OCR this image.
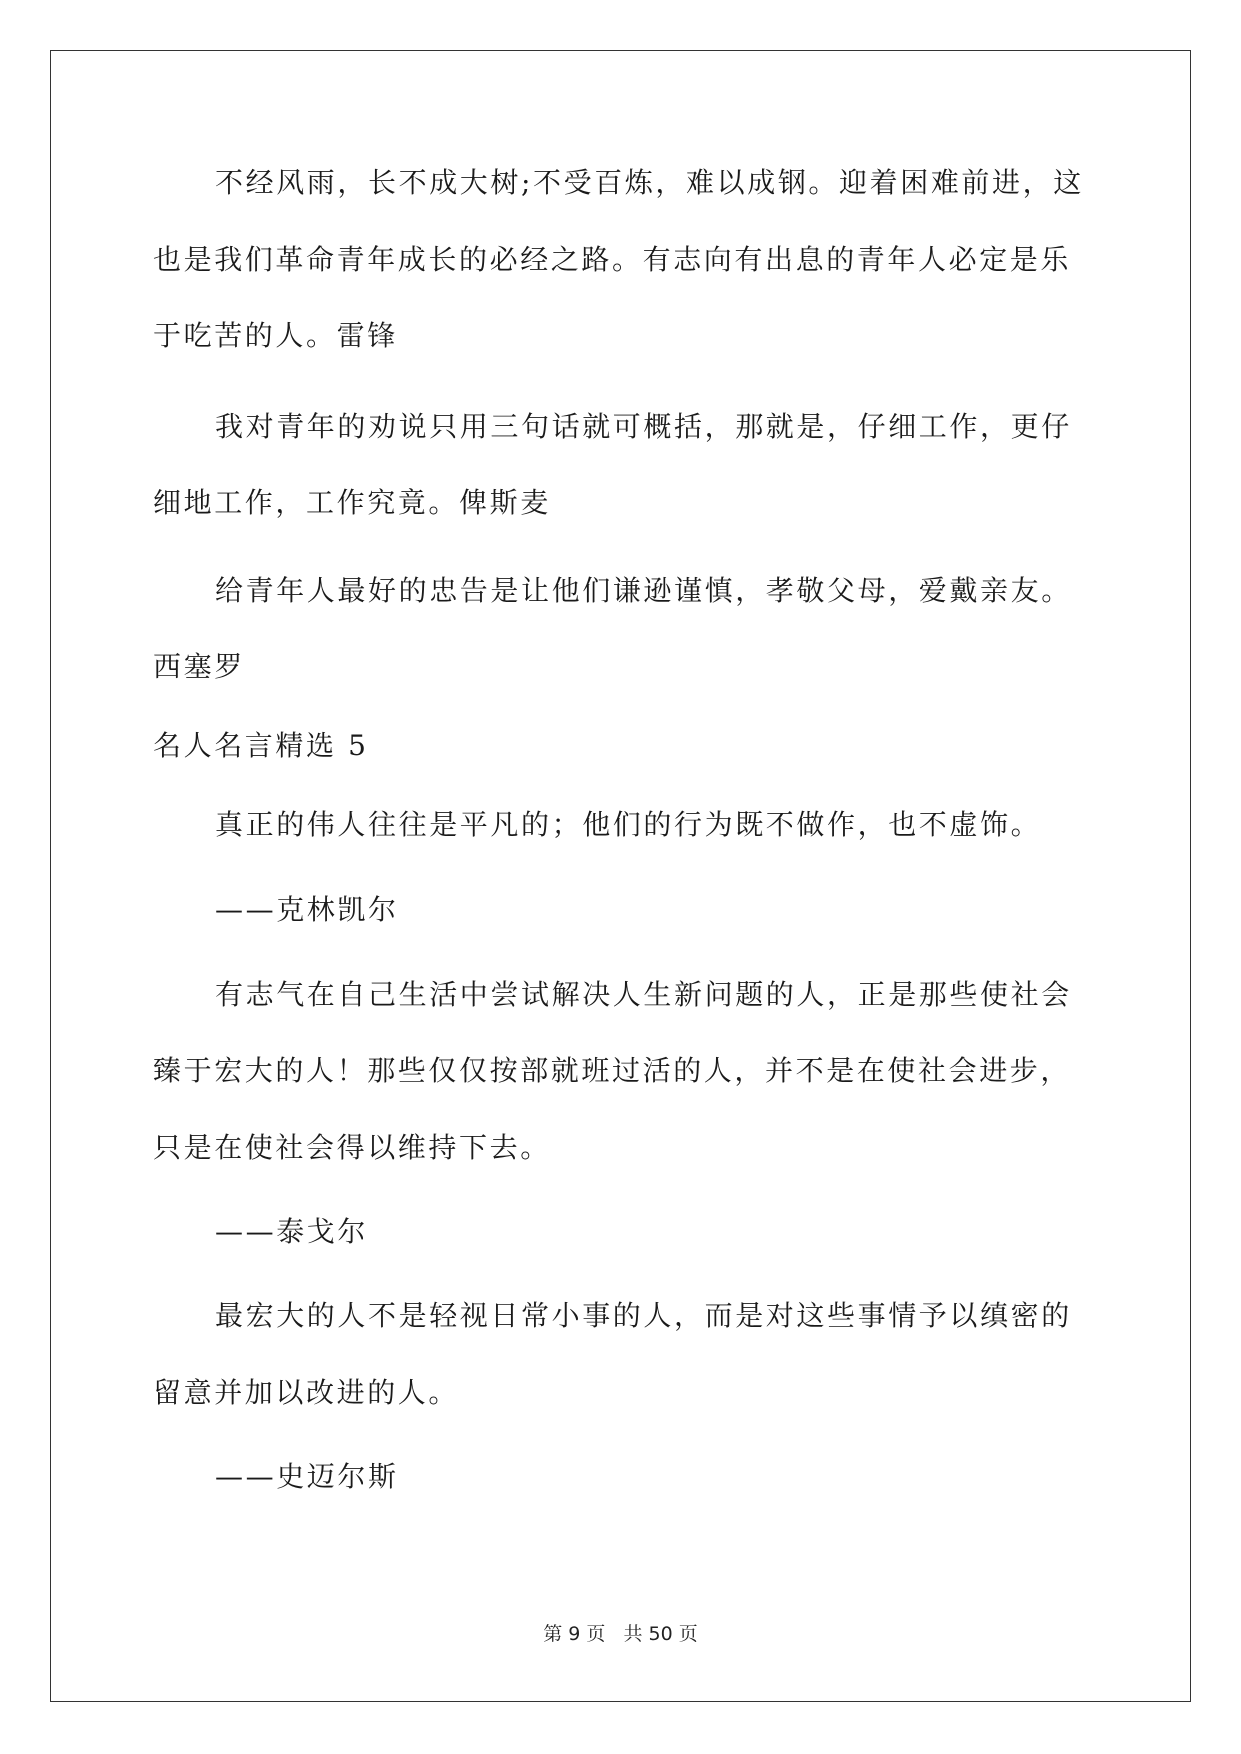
不经风雨，长不成大树;不受百炼，难以成钢。迎着困难前进，这
也是我们革命青年成长的必经之路。有志向有出息的青年人必定是乐
于吃苦的人。雷锋
我对青年的劝说只用三句话就可概括，那就是，仔细工作，更仔
细地工作，工作究竟。俾斯麦
给青年人最好的忠告是让他们谦逊谨慎，孝敬父母，爱戴亲友。
西塞罗
名人名言精选 5
真正的伟人往往是平凡的；他们的行为既不做作，也不虚饰。
——克林凯尔
有志气在自己生活中尝试解决人生新问题的人，正是那些使社会
臻于宏大的人！那些仅仅按部就班过活的人，并不是在使社会进步，
只是在使社会得以维持下去。
——泰戈尔
最宏大的人不是轻视日常小事的人，而是对这些事情予以缜密的
留意并加以改进的人。
——史迈尔斯
第 9 页   共 50 页
